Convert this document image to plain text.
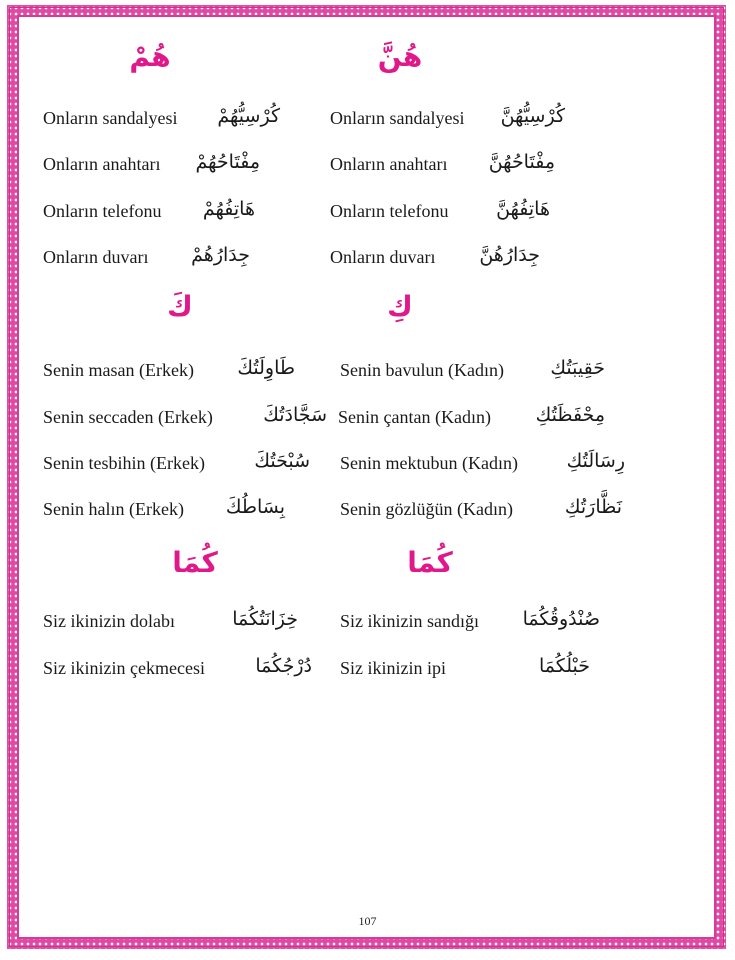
هُنَّ
هُمْ
Onların sandalyesi	كُرْسِيُّهُمْ
Onların anahtarı	مِفْتَاحُهُمْ
Onların telefonu	هَاتِفُهُمْ
Onların duvarı	جِدَارُهُمْ
Onların sandalyesi	كُرْسِيُّهُنَّ
Onların anahtarı	مِفْتَاحُهُنَّ
Onların telefonu	هَاتِفُهُنَّ
Onların duvarı	جِدَارُهُنَّ
كِ
كَ
Senin masan (Erkek)	طَاوِلَتُكَ
Senin seccaden (Erkek)	سَجَّادَتُكَ
Senin tesbihin (Erkek)	سُبْحَتُكَ
Senin halın (Erkek)	بِسَاطُكَ
Senin bavulun (Kadın)	حَقِيبَتُكِ
Senin çantan (Kadın)	مِحْفَظَتُكِ
Senin mektubun (Kadın)	رِسَالَتُكِ
Senin gözlüğün (Kadın)	نَظَّارَتُكِ
كُمَا
كُمَا
Siz ikinizin dolabı	خِزَانَتُكُمَا
Siz ikinizin çekmecesi	دُرْجُكُمَا
Siz ikinizin sandığı	صُنْدُوقُكُمَا
Siz ikinizin ipi	حَبْلُكُمَا
107
